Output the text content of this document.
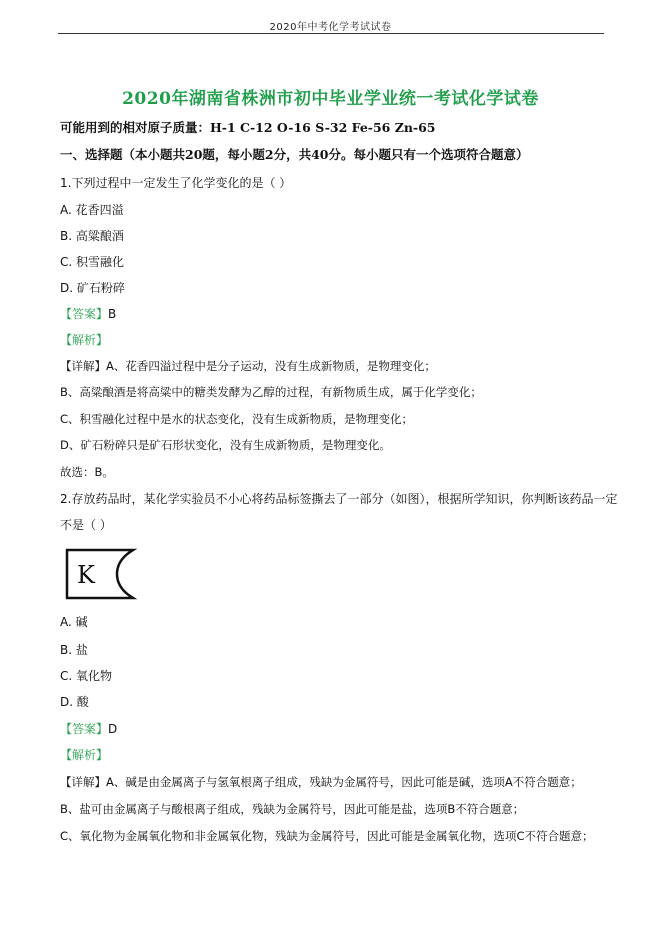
2020年中考化学考试试卷
2020年湖南省株洲市初中毕业学业统一考试化学试卷
可能用到的相对原子质量：H-1 C-12 O-16 S-32 Fe-56 Zn-65
一、选择题（本小题共20题，每小题2分，共40分。每小题只有一个选项符合题意）
1.下列过程中一定发生了化学变化的是（ ）
A. 花香四溢
B. 高粱酿酒
C. 积雪融化
D. 矿石粉碎
【答案】B
【解析】
【详解】A、花香四溢过程中是分子运动，没有生成新物质，是物理变化；
B、高粱酿酒是将高粱中的糖类发酵为乙醇的过程，有新物质生成，属于化学变化；
C、积雪融化过程中是水的状态变化，没有生成新物质，是物理变化；
D、矿石粉碎只是矿石形状变化，没有生成新物质，是物理变化。
故选：B。
2.存放药品时，某化学实验员不小心将药品标签撕去了一部分（如图），根据所学知识，你判断该药品一定
不是（ ）
K
A. 碱
B. 盐
C. 氧化物
D. 酸
【答案】D
【解析】
【详解】A、碱是由金属离子与氢氧根离子组成，残缺为金属符号，因此可能是碱，选项A不符合题意；
B、盐可由金属离子与酸根离子组成，残缺为金属符号，因此可能是盐，选项B不符合题意；
C、氧化物为金属氧化物和非金属氧化物，残缺为金属符号，因此可能是金属氧化物，选项C不符合题意；
